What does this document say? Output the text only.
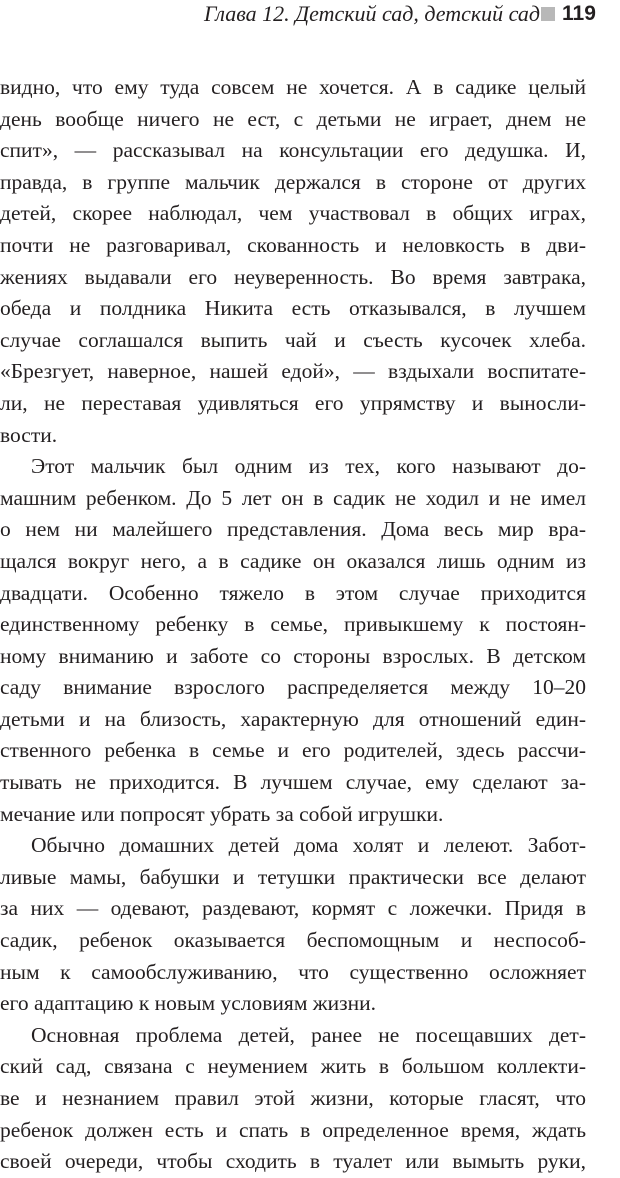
Глава 12. Детский сад, детский сад 119
видно, что ему туда совсем не хочется. А в садике целый
день вообще ничего не ест, с детьми не играет, днем не
спит», — рассказывал на консультации его дедушка. И,
правда, в группе мальчик держался в стороне от других
детей, скорее наблюдал, чем участвовал в общих играх,
почти не разговаривал, скованность и неловкость в дви-
жениях выдавали его неуверенность. Во время завтрака,
обеда и полдника Никита есть отказывался, в лучшем
случае соглашался выпить чай и съесть кусочек хлеба.
«Брезгует, наверное, нашей едой», — вздыхали воспитате-
ли, не переставая удивляться его упрямству и выносли-
вости.
Этот мальчик был одним из тех, кого называют до-
машним ребенком. До 5 лет он в садик не ходил и не имел
о нем ни малейшего представления. Дома весь мир вра-
щался вокруг него, а в садике он оказался лишь одним из
двадцати. Особенно тяжело в этом случае приходится
единственному ребенку в семье, привыкшему к постоян-
ному вниманию и заботе со стороны взрослых. В детском
саду внимание взрослого распределяется между 10–20
детьми и на близость, характерную для отношений един-
ственного ребенка в семье и его родителей, здесь рассчи-
тывать не приходится. В лучшем случае, ему сделают за-
мечание или попросят убрать за собой игрушки.
Обычно домашних детей дома холят и лелеют. Забот-
ливые мамы, бабушки и тетушки практически все делают
за них — одевают, раздевают, кормят с ложечки. Придя в
садик, ребенок оказывается беспомощным и неспособ-
ным к самообслуживанию, что существенно осложняет
его адаптацию к новым условиям жизни.
Основная проблема детей, ранее не посещавших дет-
ский сад, связана с неумением жить в большом коллекти-
ве и незнанием правил этой жизни, которые гласят, что
ребенок должен есть и спать в определенное время, ждать
своей очереди, чтобы сходить в туалет или вымыть руки,
